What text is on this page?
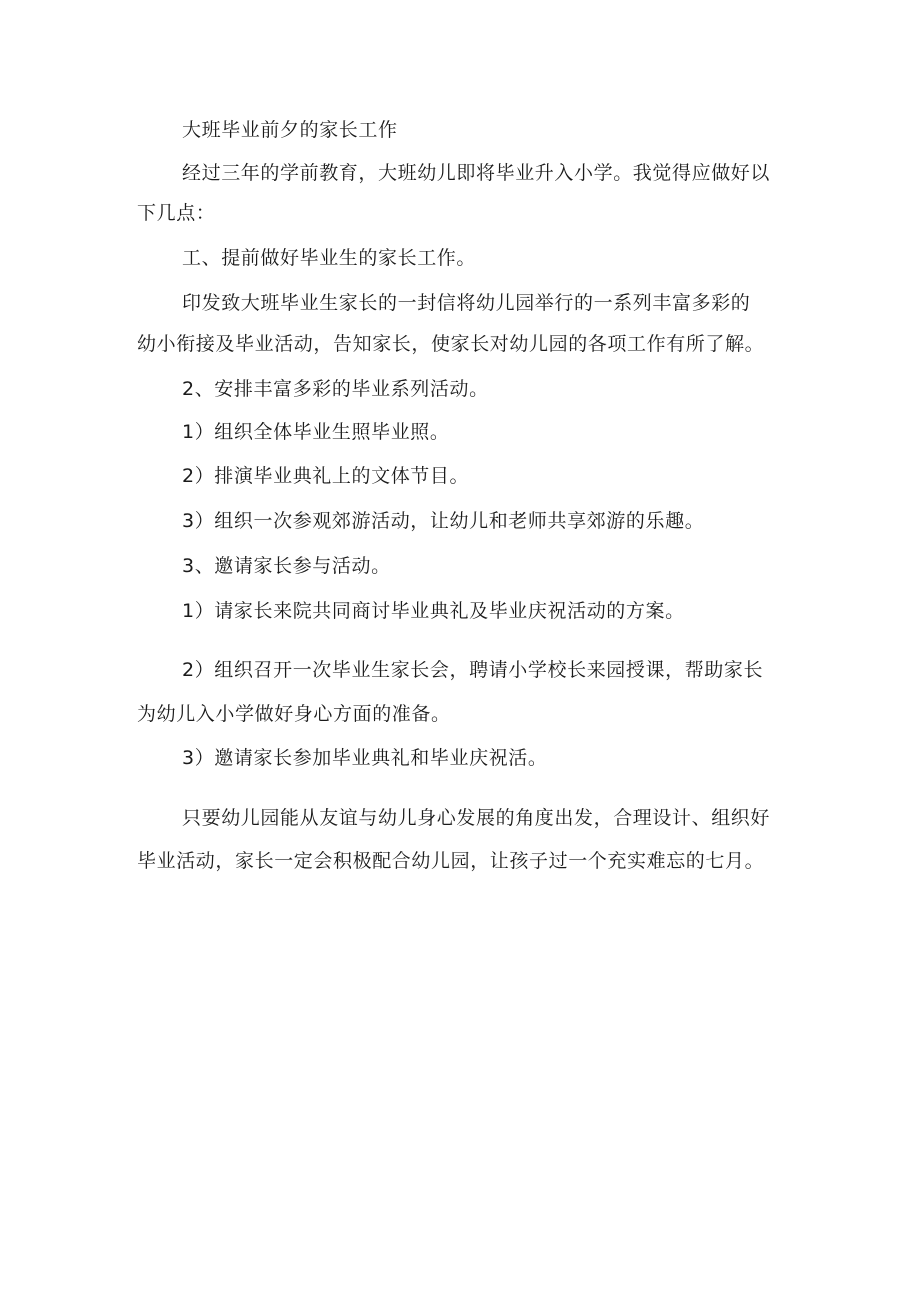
大班毕业前夕的家长工作

经过三年的学前教育，大班幼儿即将毕业升入小学。我觉得应做好以

下几点：

工、提前做好毕业生的家长工作。

印发致大班毕业生家长的一封信将幼儿园举行的一系列丰富多彩的

幼小衔接及毕业活动，告知家长，使家长对幼儿园的各项工作有所了解。

2、安排丰富多彩的毕业系列活动。

1）组织全体毕业生照毕业照。

2）排演毕业典礼上的文体节目。

3）组织一次参观郊游活动，让幼儿和老师共享郊游的乐趣。

3、邀请家长参与活动。

1）请家长来院共同商讨毕业典礼及毕业庆祝活动的方案。

2）组织召开一次毕业生家长会，聘请小学校长来园授课，帮助家长

为幼儿入小学做好身心方面的准备。

3）邀请家长参加毕业典礼和毕业庆祝活。

只要幼儿园能从友谊与幼儿身心发展的角度出发，合理设计、组织好

毕业活动，家长一定会积极配合幼儿园，让孩子过一个充实难忘的七月。
